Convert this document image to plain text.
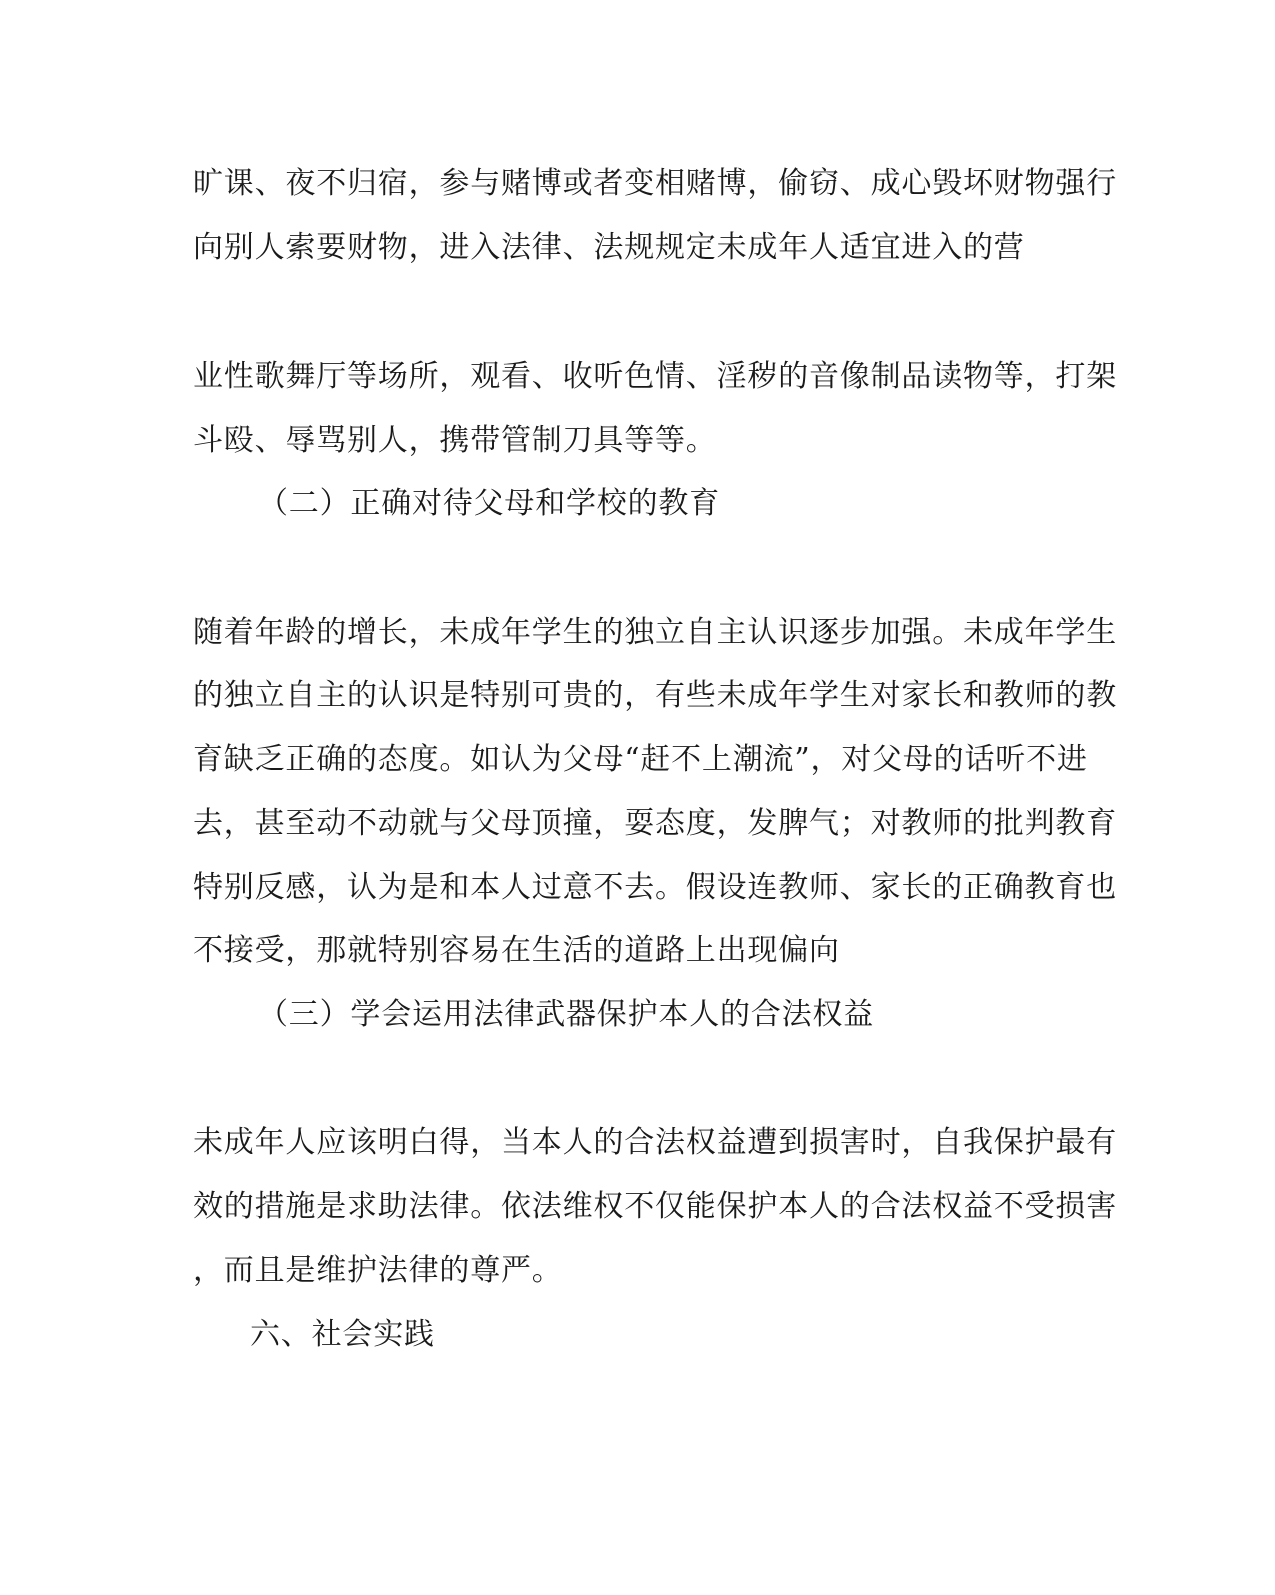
旷课、夜不归宿，参与赌博或者变相赌博，偷窃、成心毁坏财物强行
向别人索要财物，进入法律、法规规定未成年人适宜进入的营
业性歌舞厅等场所，观看、收听色情、淫秽的音像制品读物等，打架
斗殴、辱骂别人，携带管制刀具等等。
（二）正确对待父母和学校的教育
随着年龄的增长，未成年学生的独立自主认识逐步加强。未成年学生
的独立自主的认识是特别可贵的，有些未成年学生对家长和教师的教
育缺乏正确的态度。如认为父母“赶不上潮流”，对父母的话听不进
去，甚至动不动就与父母顶撞，耍态度，发脾气；对教师的批判教育
特别反感，认为是和本人过意不去。假设连教师、家长的正确教育也
不接受，那就特别容易在生活的道路上出现偏向
（三）学会运用法律武器保护本人的合法权益
未成年人应该明白得，当本人的合法权益遭到损害时，自我保护最有
效的措施是求助法律。依法维权不仅能保护本人的合法权益不受损害
，而且是维护法律的尊严。
六、社会实践
